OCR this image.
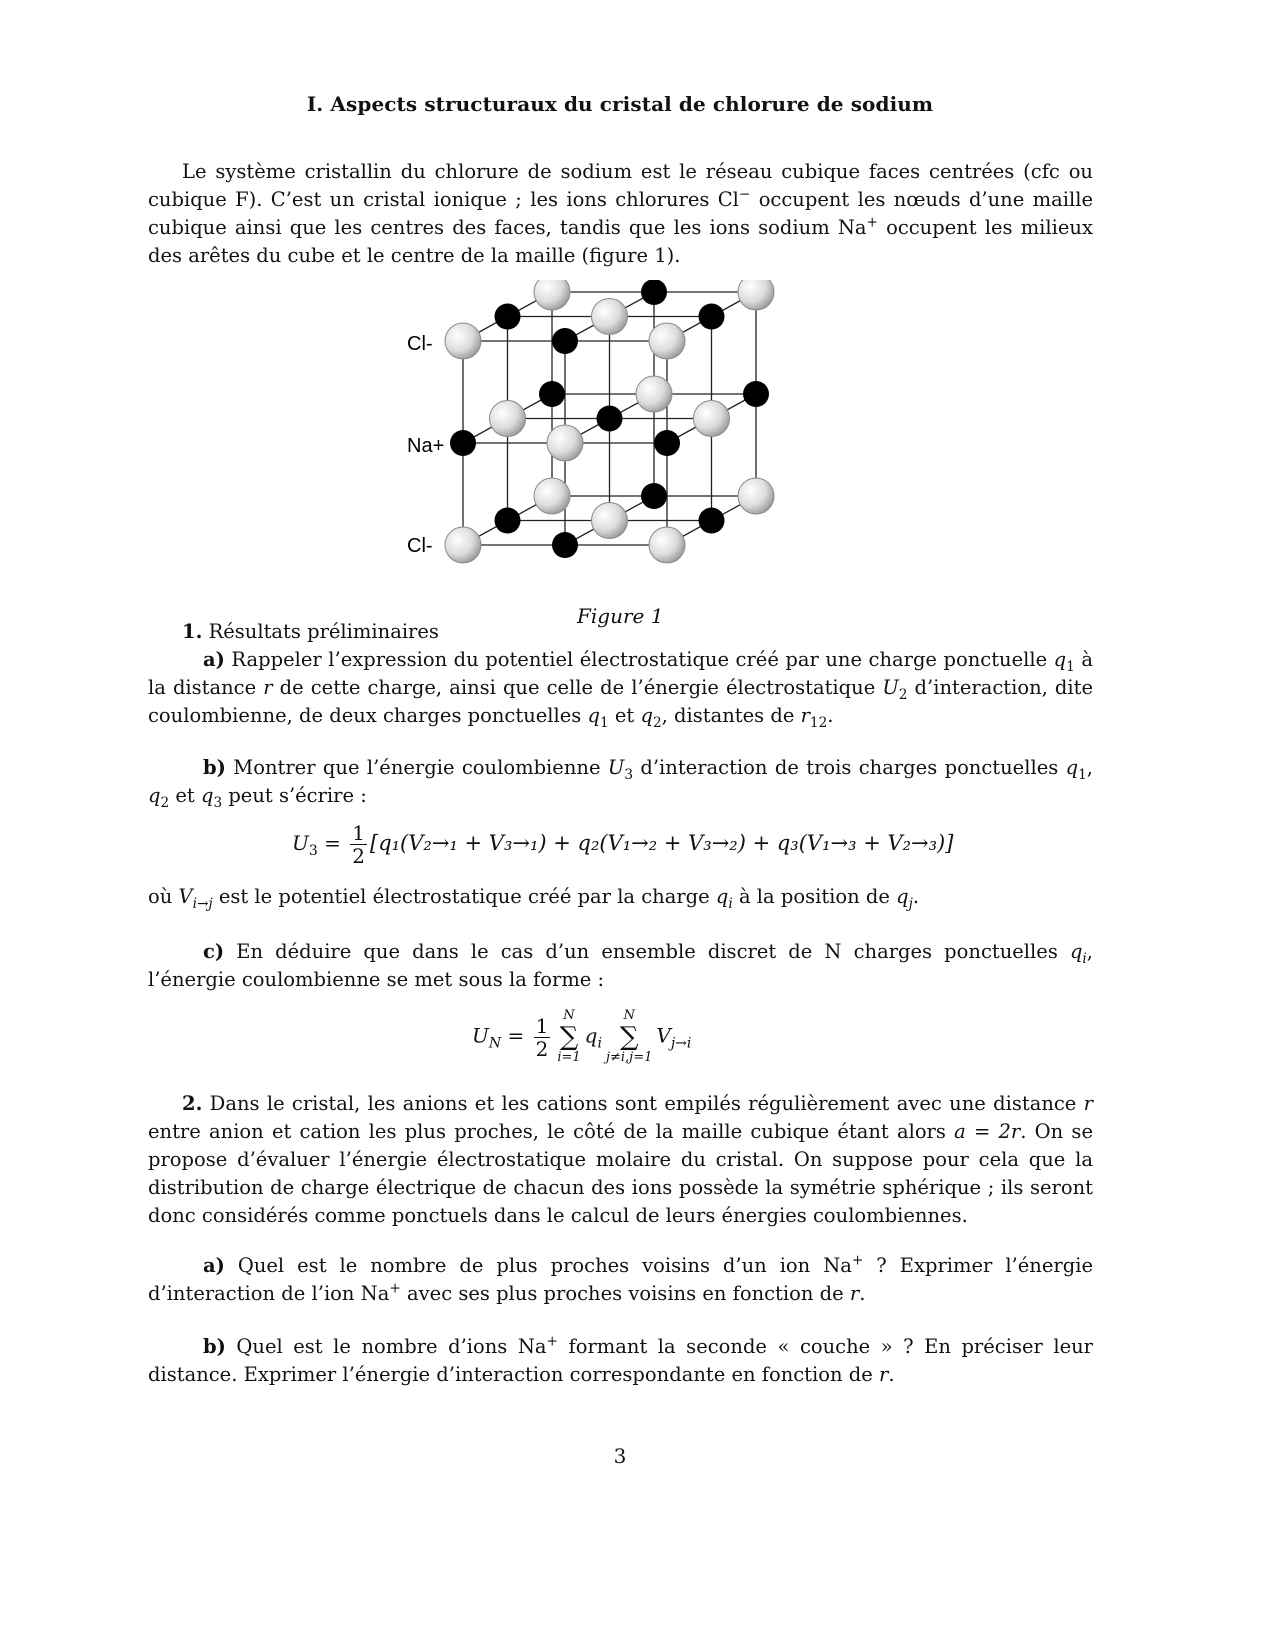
I. Aspects structuraux du cristal de chlorure de sodium
Le système cristallin du chlorure de sodium est le réseau cubique faces centrées (cfc ou cubique F). C’est un cristal ionique ; les ions chlorures Cl− occupent les nœuds d’une maille cubique ainsi que les centres des faces, tandis que les ions sodium Na+ occupent les milieux des arêtes du cube et le centre de la maille (figure 1).
Cl-
Na+
Cl-
Figure 1
1. Résultats préliminaires
a) Rappeler l’expression du potentiel électrostatique créé par une charge ponctuelle $q_1$ à la distance r de cette charge, ainsi que celle de l’énergie électrostatique $U_2$ d’interaction, dite coulombienne, de deux charges ponctuelles $q_1$ et $q_2$, distantes de $r_{12}$.
b) Montrer que l’énergie coulombienne $U_3$ d’interaction de trois charges ponctuelles $q_1$, $q_2$ et $q_3$ peut s’écrire :
$U_3 = \frac{1}{2} [q_1(V_2\to_1 + V_3\to_1) + q_2(V_1\to_2 + V_3\to_2) + q_3(V_1\to_3 + V_2\to_3)]$
où $V_{i\to j}$ est le potentiel électrostatique créé par la charge $q_i$ à la position de $q_j$.
c) En déduire que dans le cas d’un ensemble discret de N charges ponctuelles $q_i$, l’énergie coulombienne se met sous la forme :
$U_N = \frac{1}{2}$ N
∑
i=1
$q_i$
N
∑
j≠i,j=1
$V_{j\to i}$
2. Dans le cristal, les anions et les cations sont empilés régulièrement avec une distance r entre anion et cation les plus proches, le côté de la maille cubique étant alors a = 2r. On se propose d’évaluer l’énergie électrostatique molaire du cristal. On suppose pour cela que la distribution de charge électrique de chacun des ions possède la symétrie sphérique ; ils seront donc considérés comme ponctuels dans le calcul de leurs énergies coulombiennes.
a) Quel est le nombre de plus proches voisins d’un ion Na+ ? Exprimer l’énergie d’interaction de l’ion Na+ avec ses plus proches voisins en fonction de r.
b) Quel est le nombre d’ions Na+ formant la seconde « couche » ? En préciser leur distance. Exprimer l’énergie d’interaction correspondante en fonction de r.
3
